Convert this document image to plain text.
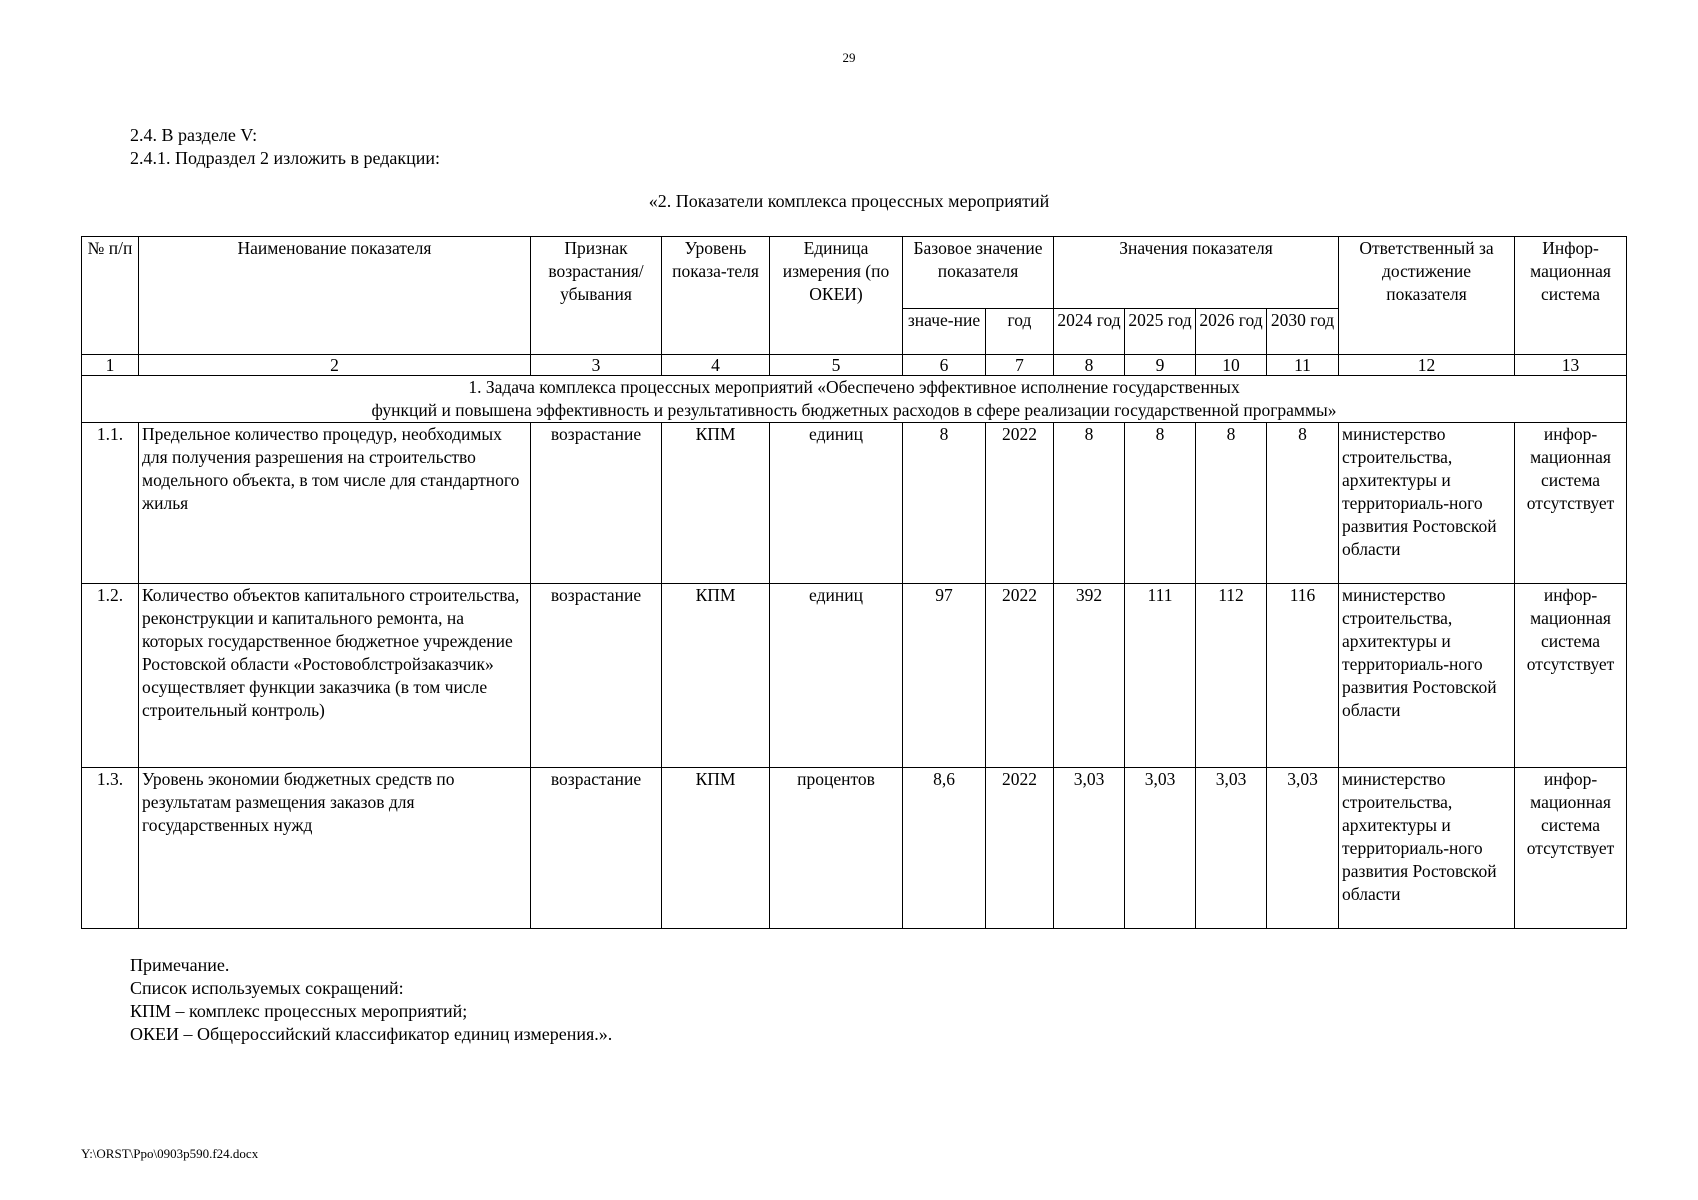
29
2.4. В разделе V:
2.4.1. Подраздел 2 изложить в редакции:
«2. Показатели комплекса процессных мероприятий
№ п/п	Наименование показателя	Признак возрастания/ убывания	Уровень показа-теля	Единица измерения (по ОКЕИ)	Базовое значение показателя		Значения показателя				Ответственный за достижение показателя	Инфор-мационная система
					значе-ние	год	2024 год	2025 год	2026 год	2030 год		
1	2	3	4	5	6	7	8	9	10	11	12	13

1. Задача комплекса процессных мероприятий «Обеспечено эффективное исполнение государственных
функций и повышена эффективность и результативность бюджетных расходов в сфере реализации государственной программы»												

1.1.	Предельное количество процедур, необходимых для получения разрешения на строительство модельного объекта, в том числе для стандартного жилья	возрастание	КПМ	единиц	8	2022	8	8	8	8	министерство строительства, архитектуры и территориаль-ного развития Ростовской области	инфор-мационная система отсутствует
1.2.	Количество объектов капитального строительства, реконструкции и капитального ремонта, на которых государственное бюджетное учреждение Ростовской области «Ростовоблстройзаказчик» осуществляет функции заказчика (в том числе строительный контроль)	возрастание	КПМ	единиц	97	2022	392	111	112	116	министерство строительства, архитектуры и территориаль-ного развития Ростовской области	инфор-мационная система отсутствует
1.3.	Уровень экономии бюджетных средств по результатам размещения заказов для государственных нужд	возрастание	КПМ	процентов	8,6	2022	3,03	3,03	3,03	3,03	министерство строительства, архитектуры и территориаль-ного развития Ростовской области	инфор-мационная система отсутствует
Примечание.
Список используемых сокращений:
КПМ – комплекс процессных мероприятий;
ОКЕИ – Общероссийский классификатор единиц измерения.».
Y:\ORST\Ppo\0903p590.f24.docx
